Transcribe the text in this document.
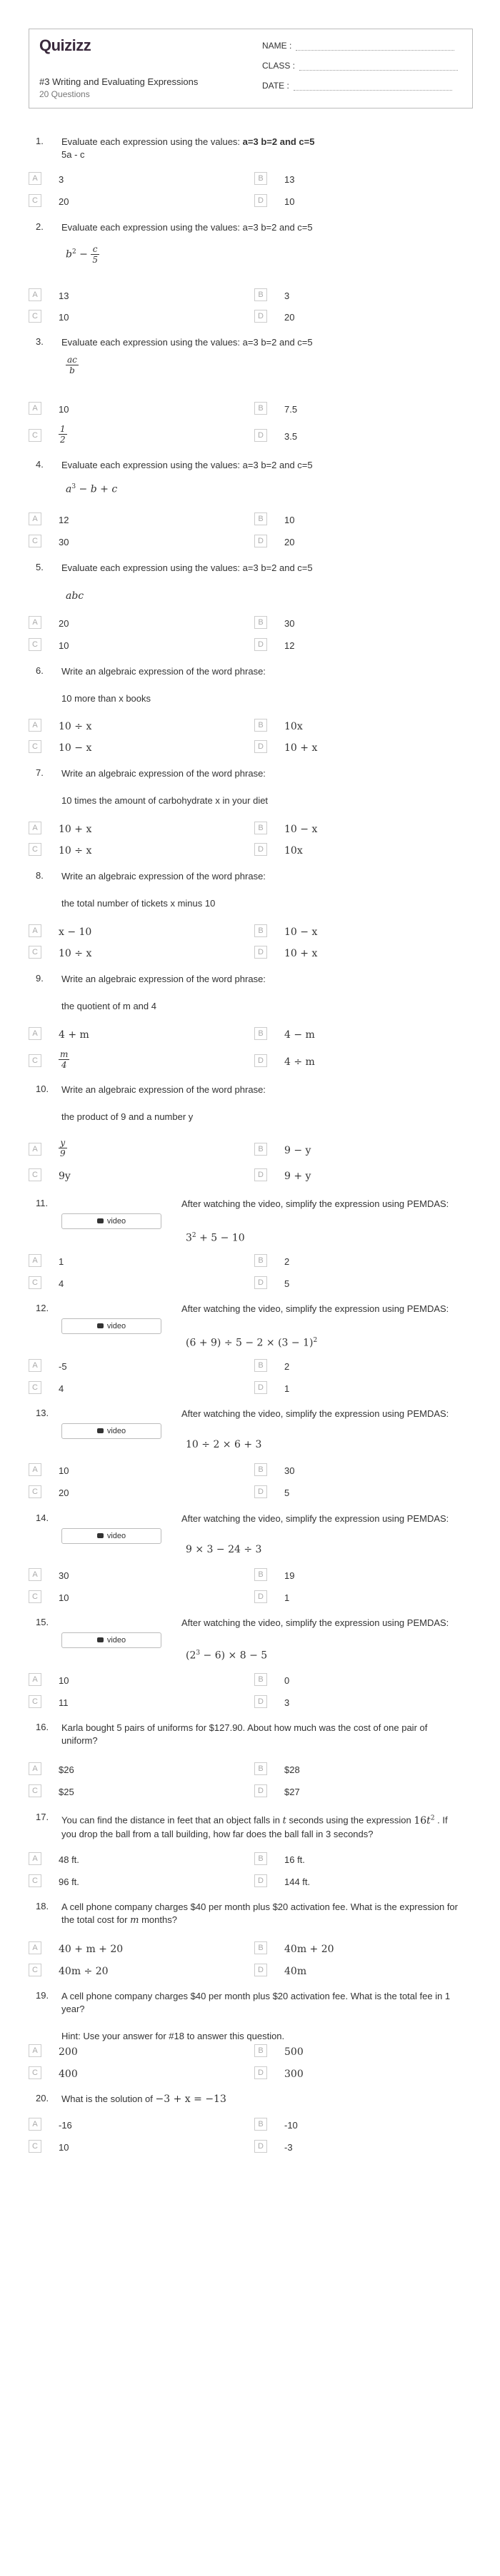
Quizizz
#3 Writing and Evaluating Expressions
20 Questions
NAME :
CLASS :
DATE :
1. Evaluate each expression using the values: a=3 b=2 and c=5
5a - c
A	3	B	13
C	20	D	10
2. Evaluate each expression using the values: a=3 b=2 and c=5
$b^2 - \frac{c}{5}$
A	13	B	3
C	10	D	20
3. Evaluate each expression using the values: a=3 b=2 and c=5
$\frac{ac}{b}$
A	10	B	7.5
C	$\frac{1}{2}$	D	3.5
4. Evaluate each expression using the values: a=3 b=2 and c=5
$a^3 - b + c$
A	12	B	10
C	30	D	20
5. Evaluate each expression using the values: a=3 b=2 and c=5
abc
A	20	B	30
C	10	D	12
6. Write an algebraic expression of the word phrase:
10 more than x books
A	10 ÷ x	B	10x
C	10 − x	D	10 + x
7. Write an algebraic expression of the word phrase:
10 times the amount of carbohydrate x in your diet
A	10 + x	B	10 − x
C	10 ÷ x	D	10x
8. Write an algebraic expression of the word phrase:
the total number of tickets x minus 10
A	x − 10	B	10 − x
C	10 ÷ x	D	10 + x
9. Write an algebraic expression of the word phrase:
the quotient of m and 4
A	4 + m	B	4 − m
C	$\frac{m}{4}$	D	4 ÷ m
10. Write an algebraic expression of the word phrase:
the product of 9 and a number y
A	$\frac{y}{9}$	B	9 − y
C	9y	D	9 + y
11.	After watching the video, simplify the expression using PEMDAS:
$3^2 + 5 - 10$
video
A	1	B	2
C	4	D	5
12.	After watching the video, simplify the expression using PEMDAS:
$(6 + 9) \div 5 - 2 \times (3 - 1)^2$
video
A	-5	B	2
C	4	D	1
13.	After watching the video, simplify the expression using PEMDAS:
10 ÷ 2 × 6 + 3
video
A	10	B	30
C	20	D	5
14.	After watching the video, simplify the expression using PEMDAS:
9 × 3 − 24 ÷ 3
video
A	30	B	19
C	10	D	1
15.	After watching the video, simplify the expression using PEMDAS:
$(2^3 - 6) \times 8 - 5$
video
A	10	B	0
C	11	D	3
16. Karla bought 5 pairs of uniforms for $127.90. About how much was the cost of one pair of uniform?
A	$26	B	$28
C	$25	D	$27
17. You can find the distance in feet that an object falls in t seconds using the expression $16t^2$ . If you drop the ball from a tall building, how far does the ball fall in 3 seconds?
A	48 ft.	B	16 ft.
C	96 ft.	D	144 ft.
18. A cell phone company charges $40 per month plus $20 activation fee. What is the expression for the total cost for m months?
A	40 + m + 20	B	40m + 20
C	40m ÷ 20	D	40m
19. A cell phone company charges $40 per month plus $20 activation fee. What is the total fee in 1 year?
Hint: Use your answer for #18 to answer this question.
A	200	B	500
C	400	D	300
20. What is the solution of −3 + x = −13
A	-16	B	-10
C	10	D	-3
